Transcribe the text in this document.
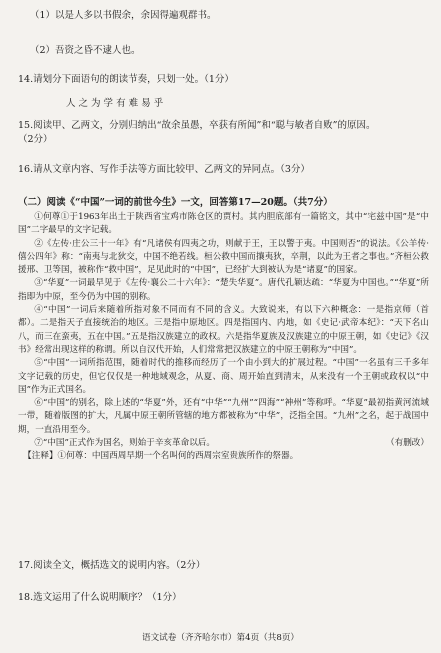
（1）以是人多以书假余，余因得遍观群书。
（2）吾资之昏不逮人也。
14.请划分下面语句的朗读节奏，只划一处。（1分）
人 之 为 学 有 难 易 乎
15.阅读甲、乙两文，分别归纳出“故余虽愚，卒获有所闻”和“聪与敏者自败”的原因。
（2分）
16.请从文章内容、写作手法等方面比较甲、乙两文的异同点。（3分）
（二）阅读《“中国”一词的前世今生》一文，回答第17—20题。（共7分）

①何尊①于1963年出土于陕西省宝鸡市陈仓区的贾村。其内胆底部有一篇铭文，其中“宅兹中国”是“中国”二字最早的文字记载。

②《左传·庄公三十一年》有“凡诸侯有四夷之功，则献于王，王以警于夷。中国则否”的说法。《公羊传·僖公四年》称：“南夷与北狄交，中国不绝若线。桓公救中国而攘夷狄，卒荆，以此为王者之事也。”齐桓公救援邢、卫等国，被称作“救中国”，足见此时的“中国”，已经扩大到被认为是“诸夏”的国家。

③“华夏”一词最早见于《左传·襄公二十六年》：“楚失华夏”。唐代孔颖达疏：“华夏为中国也。”“华夏”所指即为中原，至今仍为中国的别称。

④“中国”一词后来随着所指对象不同而有不同的含义。大致说来，有以下六种概念：一是指京师（首都）。二是指天子直接统治的地区。三是指中原地区。四是指国内、内地，如《史记·武帝本纪》：“天下名山八，而三在蛮夷，五在中国。”五是指汉族建立的政权。六是指华夏族及汉族建立的中原王朝，如《史记》《汉书》经常出现这样的称谓。所以自汉代开始，人们常常把汉族建立的中原王朝称为“中国”。

⑤“中国”一词所指范围，随着时代的推移而经历了一个由小到大的扩展过程。“中国”一名虽有三千多年文字记载的历史，但它仅仅是一种地域观念，从夏、商、周开始直到清末，从来没有一个王朝或政权以“中国”作为正式国名。

⑥“中国”的别名，除上述的“华夏”外，还有“中华”“九州”“四海”“神州”等称呼。“华夏”最初指黄河流域一带，随着版图的扩大，凡属中原王朝所管辖的地方都被称为“中华”，泛指全国。“九州”之名，起于战国中期，一直沿用至今。

⑦“中国”正式作为国名，则始于辛亥革命以后。	（有删改）

【注释】①何尊：中国西周早期一个名叫何的西周宗室贵族所作的祭器。

17.阅读全文，概括选文的说明内容。（2分）
18.选文运用了什么说明顺序？（1分）
语文试卷（齐齐哈尔市）第4页（共8页）
